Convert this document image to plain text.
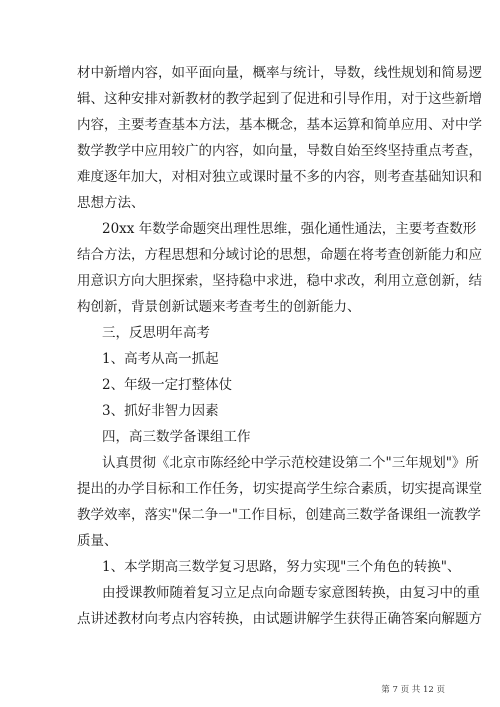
材中新增内容，如平面向量，概率与统计，导数，线性规划和简易逻
辑、这种安排对新教材的教学起到了促进和引导作用，对于这些新增
内容，主要考查基本方法，基本概念，基本运算和简单应用、对中学
数学教学中应用较广的内容，如向量，导数自始至终坚持重点考查，
难度逐年加大，对相对独立或课时量不多的内容，则考查基础知识和
思想方法、
20xx 年数学命题突出理性思维，强化通性通法，主要考查数形
结合方法，方程思想和分域讨论的思想，命题在将考查创新能力和应
用意识方向大胆探索，坚持稳中求进，稳中求改，利用立意创新，结
构创新，背景创新试题来考查考生的创新能力、
三，反思明年高考
1、高考从高一抓起
2、年级一定打整体仗
3、抓好非智力因素
四，高三数学备课组工作
认真贯彻《北京市陈经纶中学示范校建设第二个"三年规划"》所
提出的办学目标和工作任务，切实提高学生综合素质，切实提高课堂
教学效率，落实"保二争一"工作目标，创建高三数学备课组一流教学
质量、
1、本学期高三数学复习思路，努力实现"三个角色的转换"、
由授课教师随着复习立足点向命题专家意图转换，由复习中的重
点讲述教材向考点内容转换，由试题讲解学生获得正确答案向解题方
第 7 页 共 12 页
